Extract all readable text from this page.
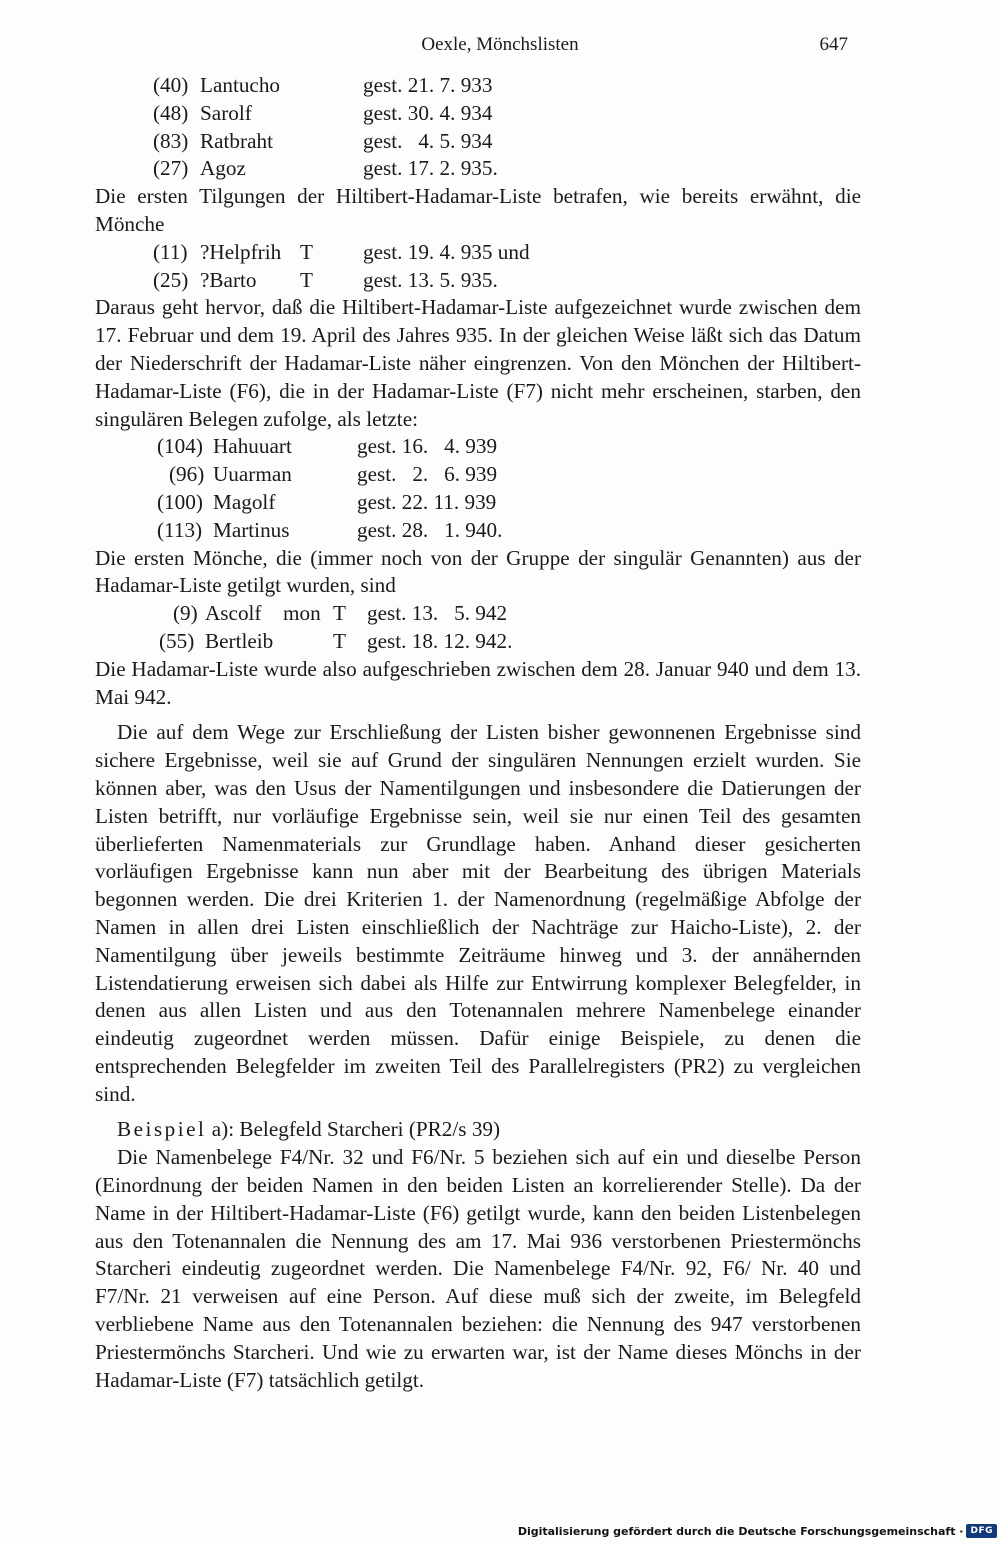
Oexle, Mönchslisten	647
(40) Lantucho	gest. 21. 7. 933
(48) Sarolf	gest. 30. 4. 934
(83) Ratbraht	gest.   4. 5. 934
(27) Agoz	gest. 17. 2. 935.

Die ersten Tilgungen der Hiltibert-Hadamar-Liste betrafen, wie bereits erwähnt, die Mönche

(11) ?Helpfrih T gest. 19. 4. 935 und
(25) ?Barto T gest. 13. 5. 935.

Daraus geht hervor, daß die Hiltibert-Hadamar-Liste aufgezeichnet wurde zwischen dem 17. Februar und dem 19. April des Jahres 935. In der gleichen Weise läßt sich das Datum der Niederschrift der Hadamar-Liste näher eingrenzen. Von den Mönchen der Hiltibert-Hadamar-Liste (F6), die in der Hadamar-Liste (F7) nicht mehr erscheinen, starben, den singulären Belegen zufolge, als letzte:

(104) Hahuuart	gest. 16.   4. 939
(96) Uuarman	gest.   2.   6. 939
(100) Magolf	gest. 22. 11. 939
(113) Martinus	gest. 28.   1. 940.

Die ersten Mönche, die (immer noch von der Gruppe der singulär Genannten) aus der Hadamar-Liste getilgt wurden, sind

(9) Ascolf mon T gest. 13.   5. 942
(55) Bertleib	T gest. 18. 12. 942.

Die Hadamar-Liste wurde also aufgeschrieben zwischen dem 28. Januar 940 und dem 13. Mai 942.

Die auf dem Wege zur Erschließung der Listen bisher gewonnenen Ergebnisse sind sichere Ergebnisse, weil sie auf Grund der singulären Nennungen erzielt wurden. Sie können aber, was den Usus der Namentilgungen und insbesondere die Datierungen der Listen betrifft, nur vorläufige Ergebnisse sein, weil sie nur einen Teil des gesamten überlieferten Namenmaterials zur Grundlage haben. Anhand dieser gesicherten vorläufigen Ergebnisse kann nun aber mit der Bearbeitung des übrigen Materials begonnen werden. Die drei Kriterien 1. der Namenordnung (regelmäßige Abfolge der Namen in allen drei Listen einschließlich der Nachträge zur Haicho-Liste), 2. der Namentilgung über jeweils bestimmte Zeiträume hinweg und 3. der annähernden Listendatierung erweisen sich dabei als Hilfe zur Entwirrung komplexer Belegfelder, in denen aus allen Listen und aus den Totenannalen mehrere Namenbelege einander eindeutig zugeordnet werden müssen. Dafür einige Beispiele, zu denen die entsprechenden Belegfelder im zweiten Teil des Parallelregisters (PR2) zu vergleichen sind.

Beispiel a): Belegfeld Starcheri (PR2/s 39)

Die Namenbelege F4/Nr. 32 und F6/Nr. 5 beziehen sich auf ein und dieselbe Person (Einordnung der beiden Namen in den beiden Listen an korrelierender Stelle). Da der Name in der Hiltibert-Hadamar-Liste (F6) getilgt wurde, kann den beiden Listenbelegen aus den Totenannalen die Nennung des am 17. Mai 936 verstorbenen Priestermönchs Starcheri eindeutig zugeordnet werden. Die Namenbelege F4/Nr. 92, F6/ Nr. 40 und F7/Nr. 21 verweisen auf eine Person. Auf diese muß sich der zweite, im Belegfeld verbliebene Name aus den Totenannalen beziehen: die Nennung des 947 verstorbenen Priestermönchs Starcheri. Und wie zu erwarten war, ist der Name dieses Mönchs in der Hadamar-Liste (F7) tatsächlich getilgt.

Digitalisierung gefördert durch die Deutsche Forschungsgemeinschaft · DFG
